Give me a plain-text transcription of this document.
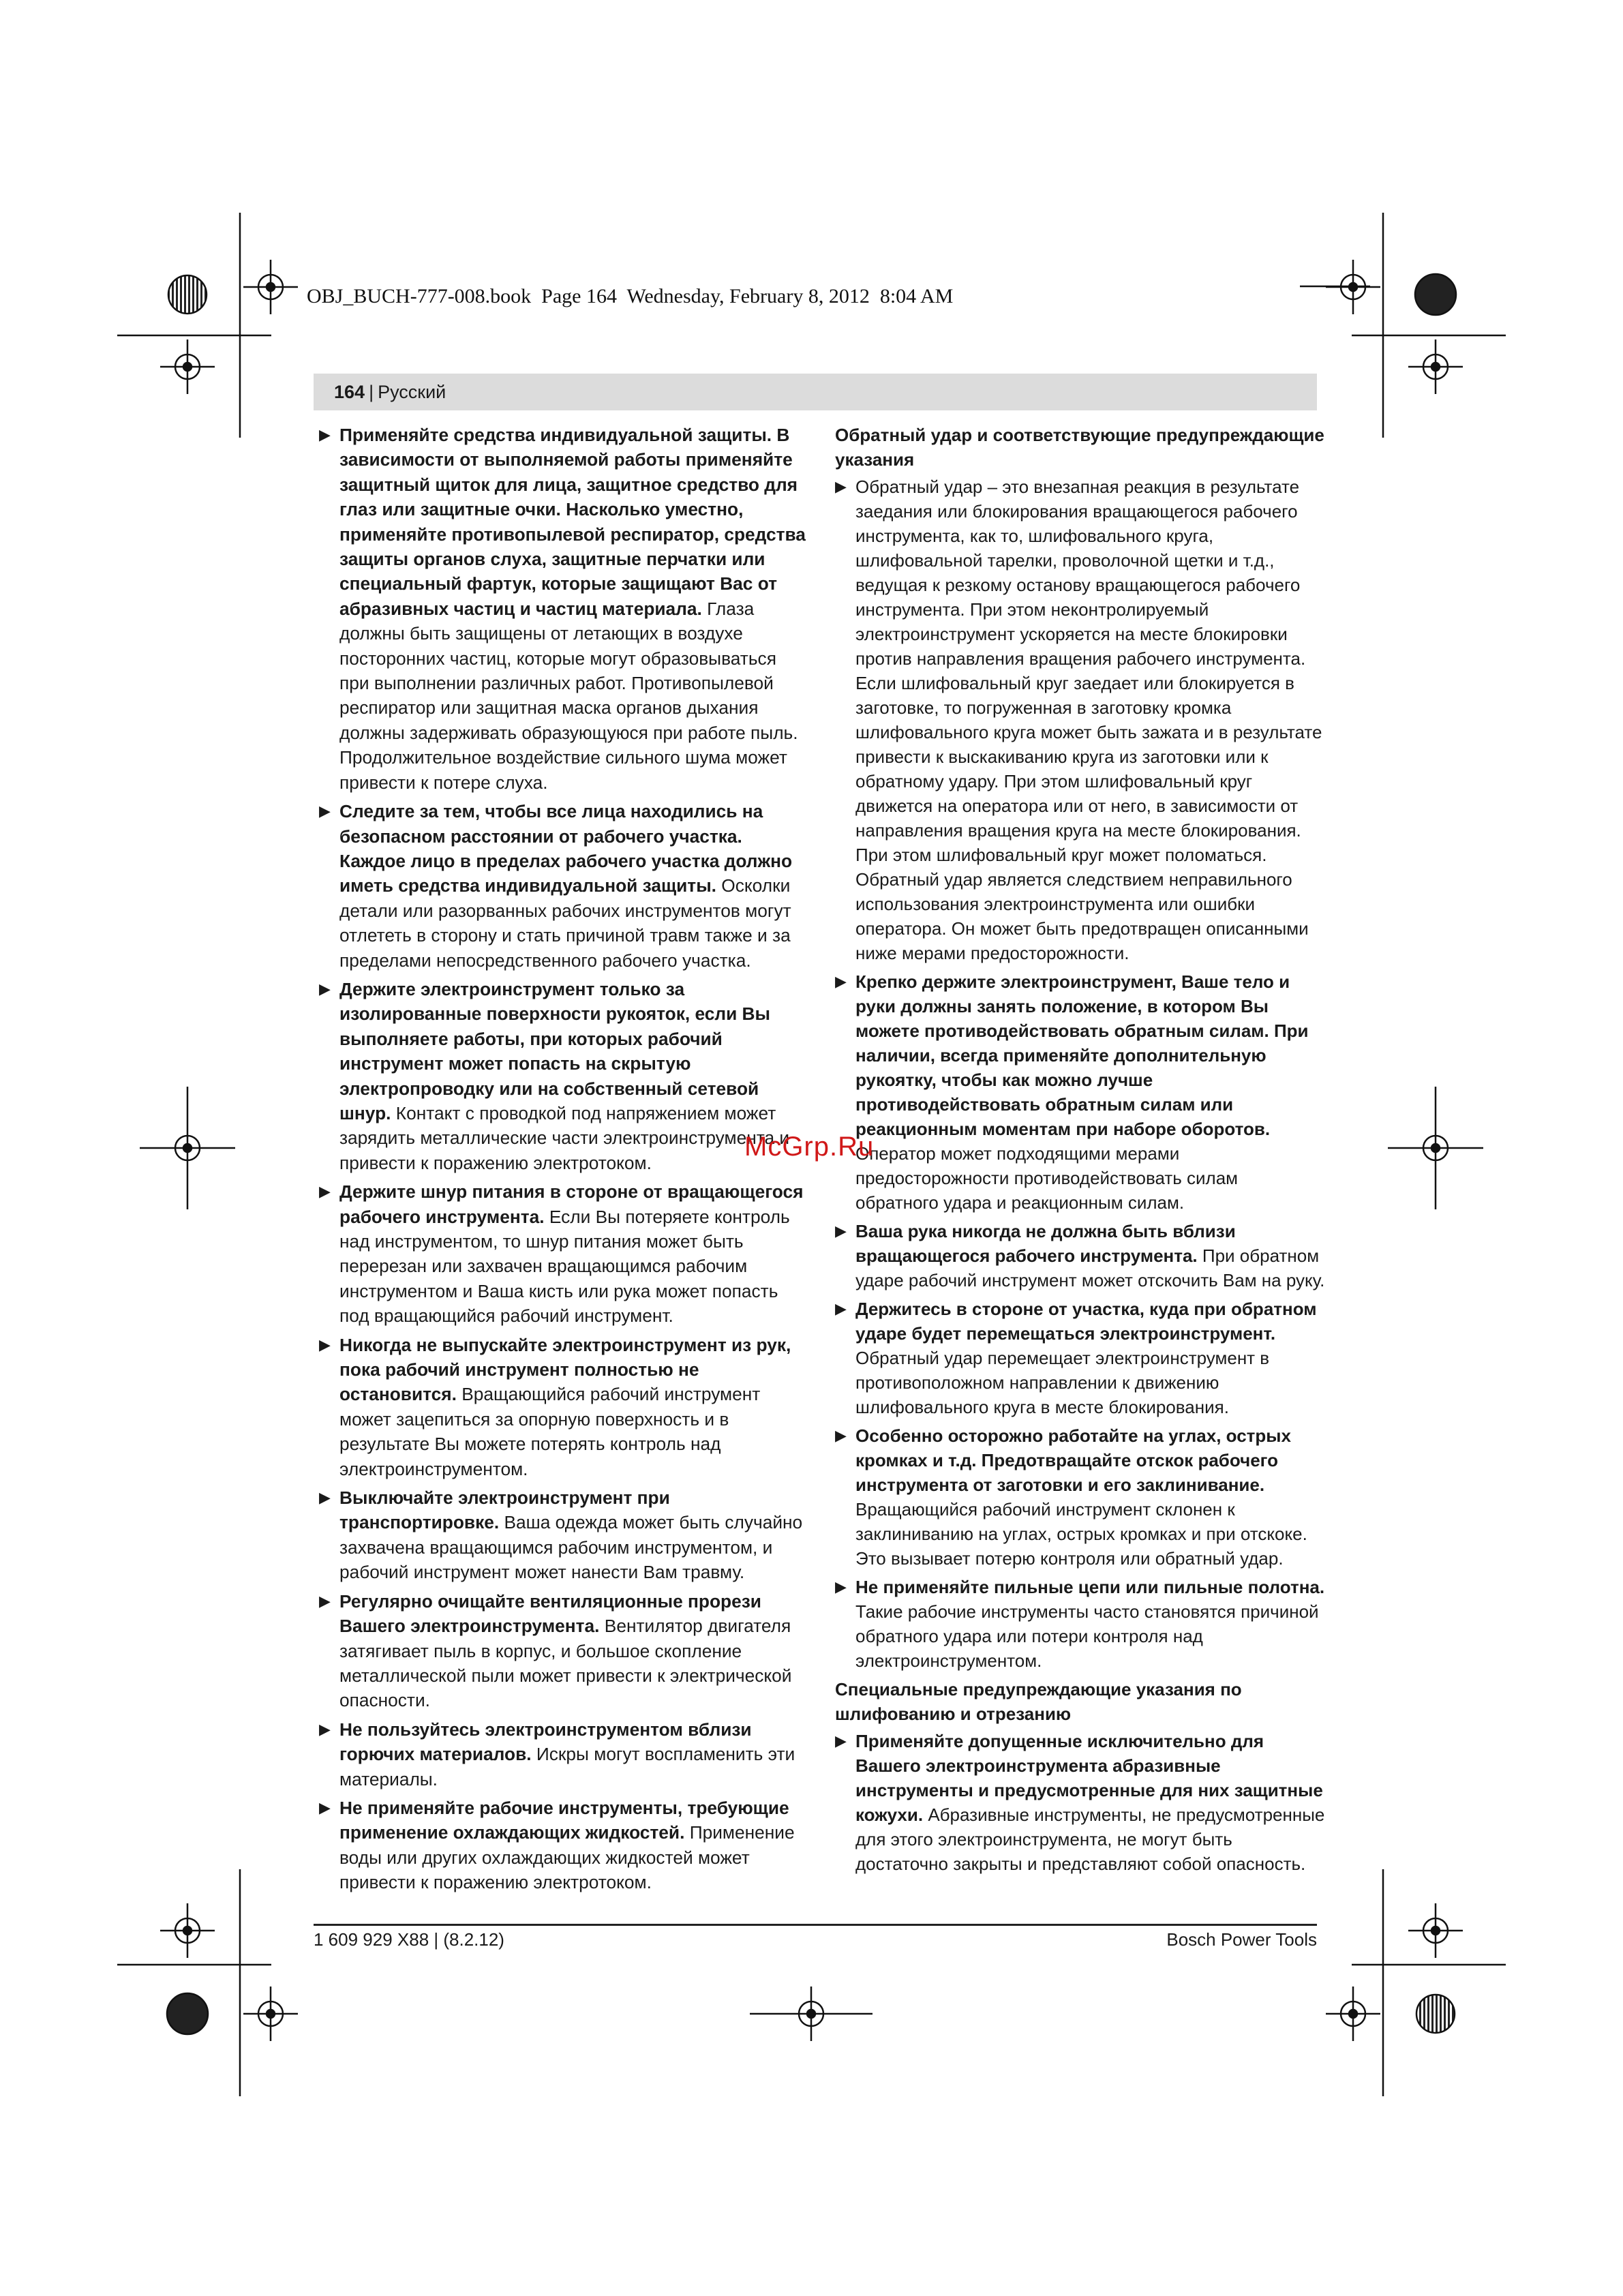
OBJ_BUCH-777-008.book  Page 164  Wednesday, February 8, 2012  8:04 AM
164 | Русский
▶ Применяйте средства индивидуальной защиты. В зависимости от выполняемой работы применяйте защитный щиток для лица, защитное средство для глаз или защитные очки. Насколько уместно, применяйте противопылевой респиратор, средства защиты органов слуха, защитные перчатки или специальный фартук, которые защищают Вас от абразивных частиц и частиц материала. Глаза должны быть защищены от летающих в воздухе посторонних частиц, которые могут образовываться при выполнении различных работ. Противопылевой респиратор или защитная маска органов дыхания должны задерживать образующуюся при работе пыль. Продолжительное воздействие сильного шума может привести к потере слуха.
▶ Следите за тем, чтобы все лица находились на безопасном расстоянии от рабочего участка. Каждое лицо в пределах рабочего участка должно иметь средства индивидуальной защиты. Осколки детали или разорванных рабочих инструментов могут отлететь в сторону и стать причиной травм также и за пределами непосредственного рабочего участка.
▶ Держите электроинструмент только за изолированные поверхности рукояток, если Вы выполняете работы, при которых рабочий инструмент может попасть на скрытую электропроводку или на собственный сетевой шнур. Контакт с проводкой под напряжением может зарядить металлические части электроинструмента и привести к поражению электротоком.
▶ Держите шнур питания в стороне от вращающегося рабочего инструмента. Если Вы потеряете контроль над инструментом, то шнур питания может быть перерезан или захвачен вращающимся рабочим инструментом и Ваша кисть или рука может попасть под вращающийся рабочий инструмент.
▶ Никогда не выпускайте электроинструмент из рук, пока рабочий инструмент полностью не остановится. Вращающийся рабочий инструмент может зацепиться за опорную поверхность и в результате Вы можете потерять контроль над электроинструментом.
▶ Выключайте электроинструмент при транспортировке. Ваша одежда может быть случайно захвачена вращающимся рабочим инструментом, и рабочий инструмент может нанести Вам травму.
▶ Регулярно очищайте вентиляционные прорези Вашего электроинструмента. Вентилятор двигателя затягивает пыль в корпус, и большое скопление металлической пыли может привести к электрической опасности.
▶ Не пользуйтесь электроинструментом вблизи горючих материалов. Искры могут воспламенить эти материалы.
▶ Не применяйте рабочие инструменты, требующие применение охлаждающих жидкостей. Применение воды или других охлаждающих жидкостей может привести к поражению электротоком.
Обратный удар и соответствующие предупреждающие указания
▶ Обратный удар – это внезапная реакция в результате заедания или блокирования вращающегося рабочего инструмента, как то, шлифовального круга, шлифовальной тарелки, проволочной щетки и т.д., ведущая к резкому останову вращающегося рабочего инструмента. При этом неконтролируемый электроинструмент ускоряется на месте блокировки против направления вращения рабочего инструмента. Если шлифовальный круг заедает или блокируется в заготовке, то погруженная в заготовку кромка шлифовального круга может быть зажата и в результате привести к выскакиванию круга из заготовки или к обратному удару. При этом шлифовальный круг движется на оператора или от него, в зависимости от направления вращения круга на месте блокирования. При этом шлифовальный круг может поломаться. Обратный удар является следствием неправильного использования электроинструмента или ошибки оператора. Он может быть предотвращен описанными ниже мерами предосторожности.
▶ Крепко держите электроинструмент, Ваше тело и руки должны занять положение, в котором Вы можете противодействовать обратным силам. При наличии, всегда применяйте дополнительную рукоятку, чтобы как можно лучше противодействовать обратным силам или реакционным моментам при наборе оборотов. Оператор может подходящими мерами предосторожности противодействовать силам обратного удара и реакционным силам.
▶ Ваша рука никогда не должна быть вблизи вращающегося рабочего инструмента. При обратном ударе рабочий инструмент может отскочить Вам на руку.
▶ Держитесь в стороне от участка, куда при обратном ударе будет перемещаться электроинструмент. Обратный удар перемещает электроинструмент в противоположном направлении к движению шлифовального круга в месте блокирования.
▶ Особенно осторожно работайте на углах, острых кромках и т.д. Предотвращайте отскок рабочего инструмента от заготовки и его заклинивание. Вращающийся рабочий инструмент склонен к заклиниванию на углах, острых кромках и при отскоке. Это вызывает потерю контроля или обратный удар.
▶ Не применяйте пильные цепи или пильные полотна. Такие рабочие инструменты часто становятся причиной обратного удара или потери контроля над электроинструментом.
Специальные предупреждающие указания по шлифованию и отрезанию
▶ Применяйте допущенные исключительно для Вашего электроинструмента абразивные инструменты и предусмотренные для них защитные кожухи. Абразивные инструменты, не предусмотренные для этого электроинструмента, не могут быть достаточно закрыты и представляют собой опасность.
McGrp.Ru
1 609 929 X88 | (8.2.12)	Bosch Power Tools
